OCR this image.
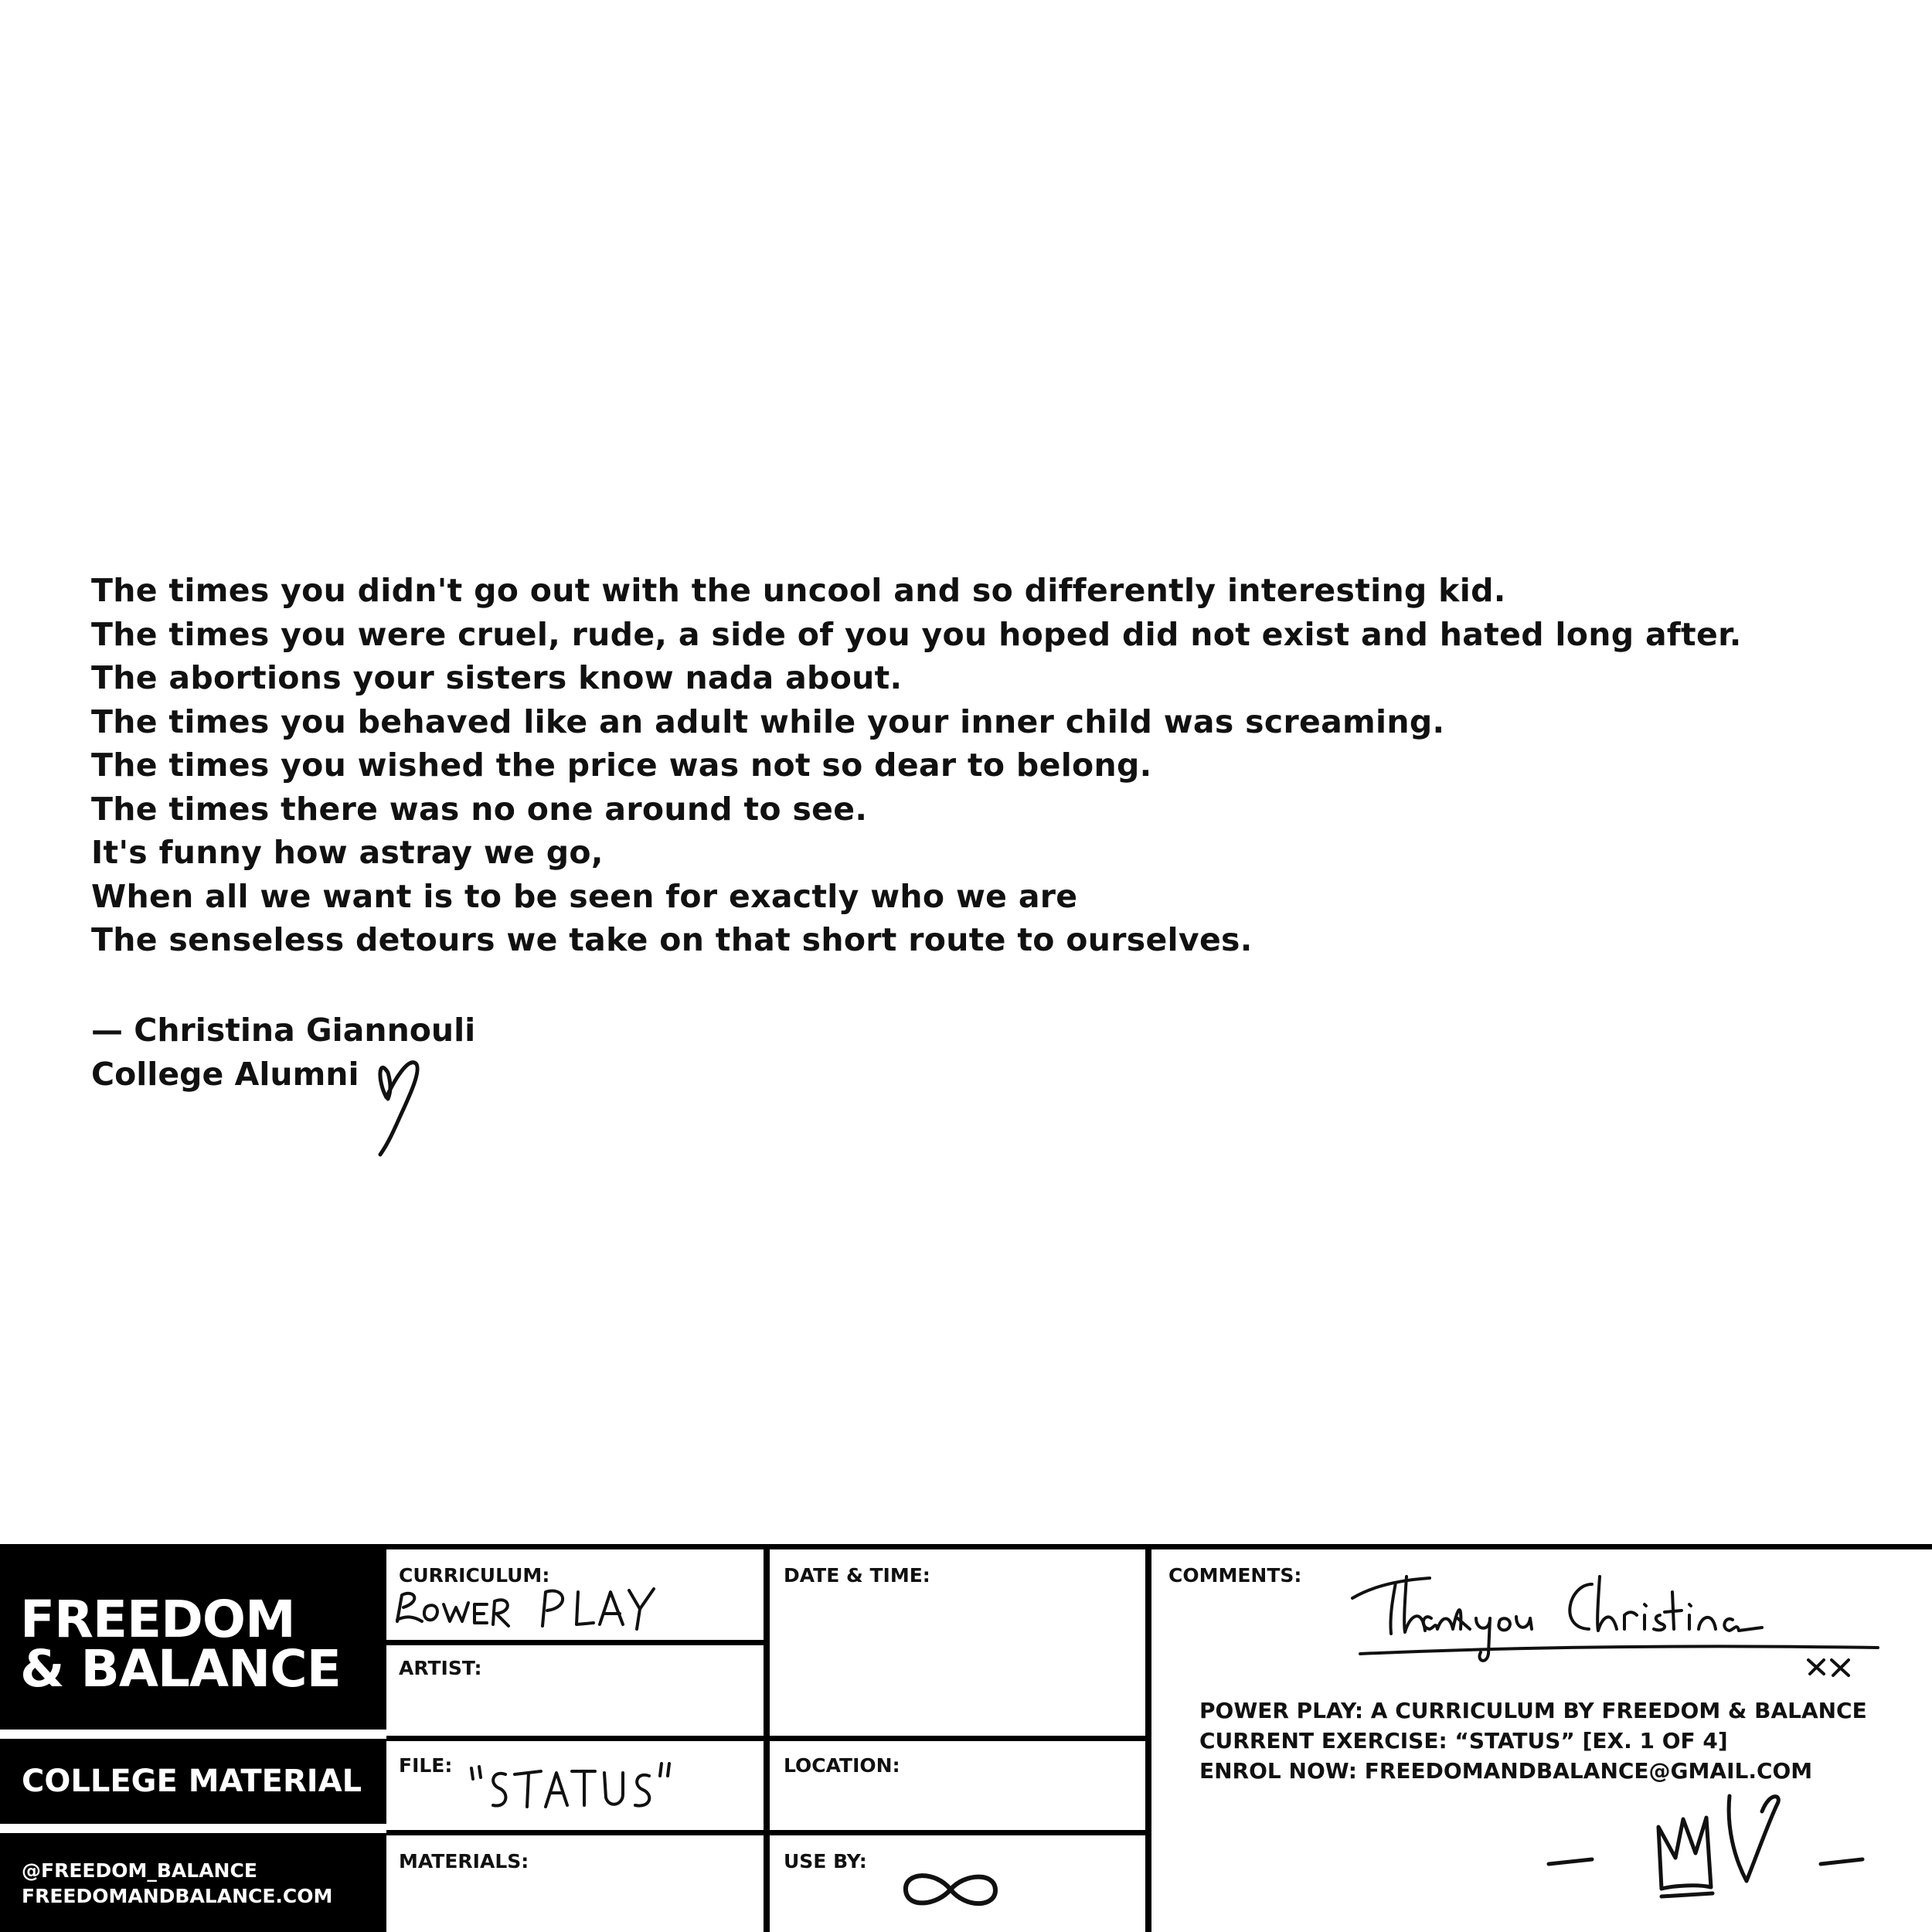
The times you didn't go out with the uncool and so differently interesting kid.
The times you were cruel, rude, a side of you you hoped did not exist and hated long after.
The abortions your sisters know nada about.
The times you behaved like an adult while your inner child was screaming.
The times you wished the price was not so dear to belong.
The times there was no one around to see.
It's funny how astray we go,
When all we want is to be seen for exactly who we are
The senseless detours we take on that short route to ourselves.
— Christina Giannouli
College Alumni
FREEDOM
& BALANCE
COLLEGE MATERIAL
@FREEDOM_BALANCE
FREEDOMANDBALANCE.COM
CURRICULUM:
ARTIST:
FILE:
MATERIALS:
DATE & TIME:
LOCATION:
USE BY:
COMMENTS:
POWER PLAY: A CURRICULUM BY FREEDOM & BALANCE
CURRENT EXERCISE: “STATUS” [EX. 1 OF 4]
ENROL NOW: FREEDOMANDBALANCE@GMAIL.COM
